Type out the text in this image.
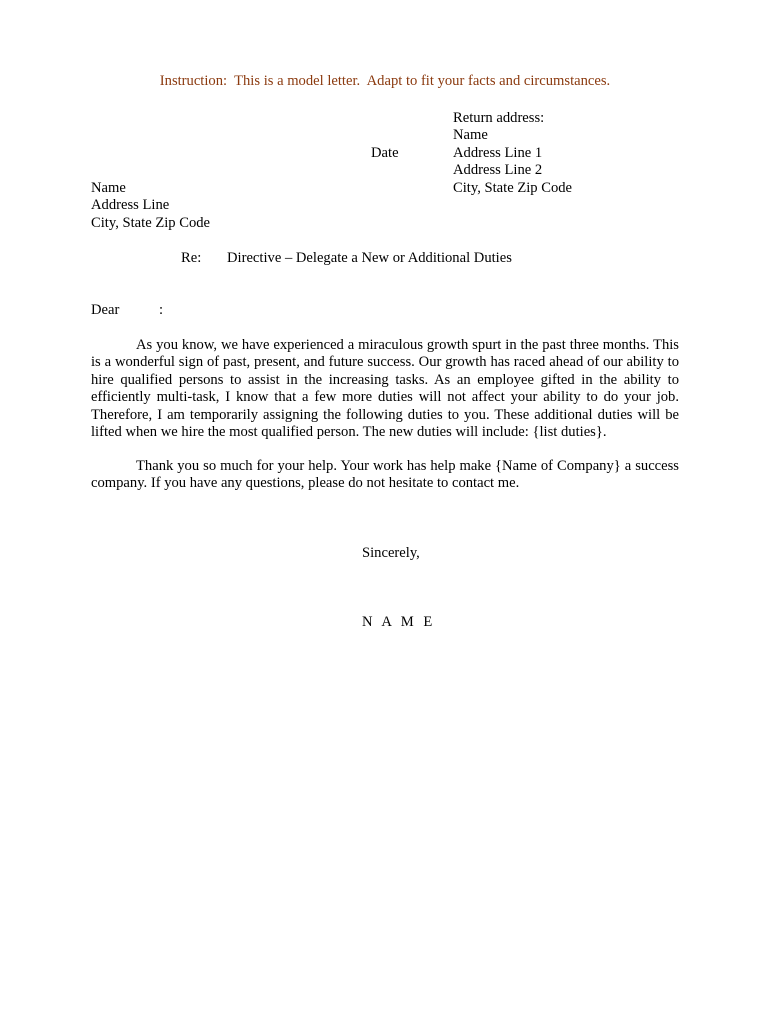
Instruction:  This is a model letter.  Adapt to fit your facts and circumstances.
Return address:
Name
Address Line 1
Address Line 2
City, State Zip Code
Date
Name
Address Line
City, State Zip Code
Re: Directive – Delegate a New or Additional Duties
Dear	:
As you know, we have experienced a miraculous growth spurt in the past three months. This is a wonderful sign of past, present, and future success. Our growth has raced ahead of our ability to hire qualified persons to assist in the increasing tasks. As an employee gifted in the ability to efficiently multi-task, I know that a few more duties will not affect your ability to do your job. Therefore, I am temporarily assigning the following duties to you. These additional duties will be lifted when we hire the most qualified person. The new duties will include: {list duties}.
Thank you so much for your help. Your work has help make {Name of Company} a success company. If you have any questions, please do not hesitate to contact me.
Sincerely,
N A M E
